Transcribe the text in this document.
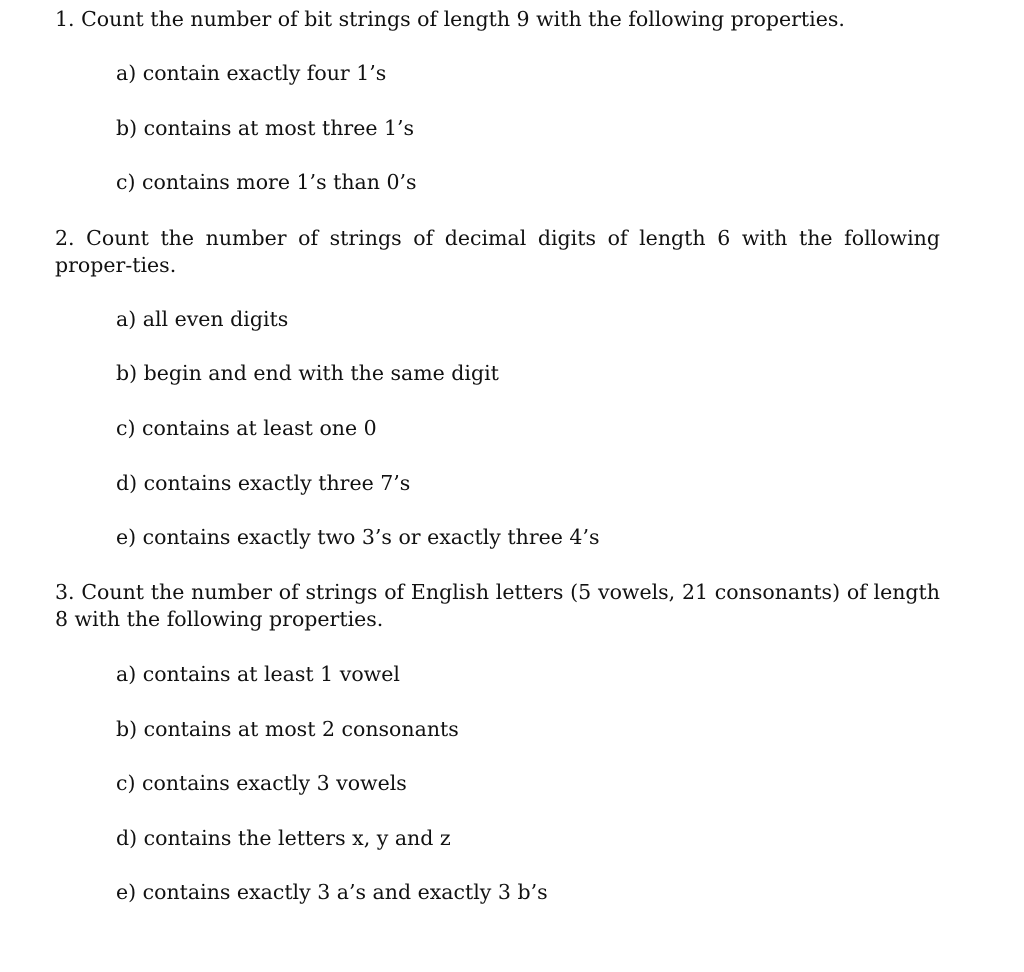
1. Count the number of bit strings of length 9 with the following properties.

a) contain exactly four 1’s

b) contains at most three 1’s

c) contains more 1’s than 0’s

2. Count the number of strings of decimal digits of length 6 with the following proper-ties.

a) all even digits

b) begin and end with the same digit

c) contains at least one 0

d) contains exactly three 7’s

e) contains exactly two 3’s or exactly three 4’s

3. Count the number of strings of English letters (5 vowels, 21 consonants) of length 8 with the following properties.

a) contains at least 1 vowel

b) contains at most 2 consonants

c) contains exactly 3 vowels

d) contains the letters x, y and z

e) contains exactly 3 a’s and exactly 3 b’s
